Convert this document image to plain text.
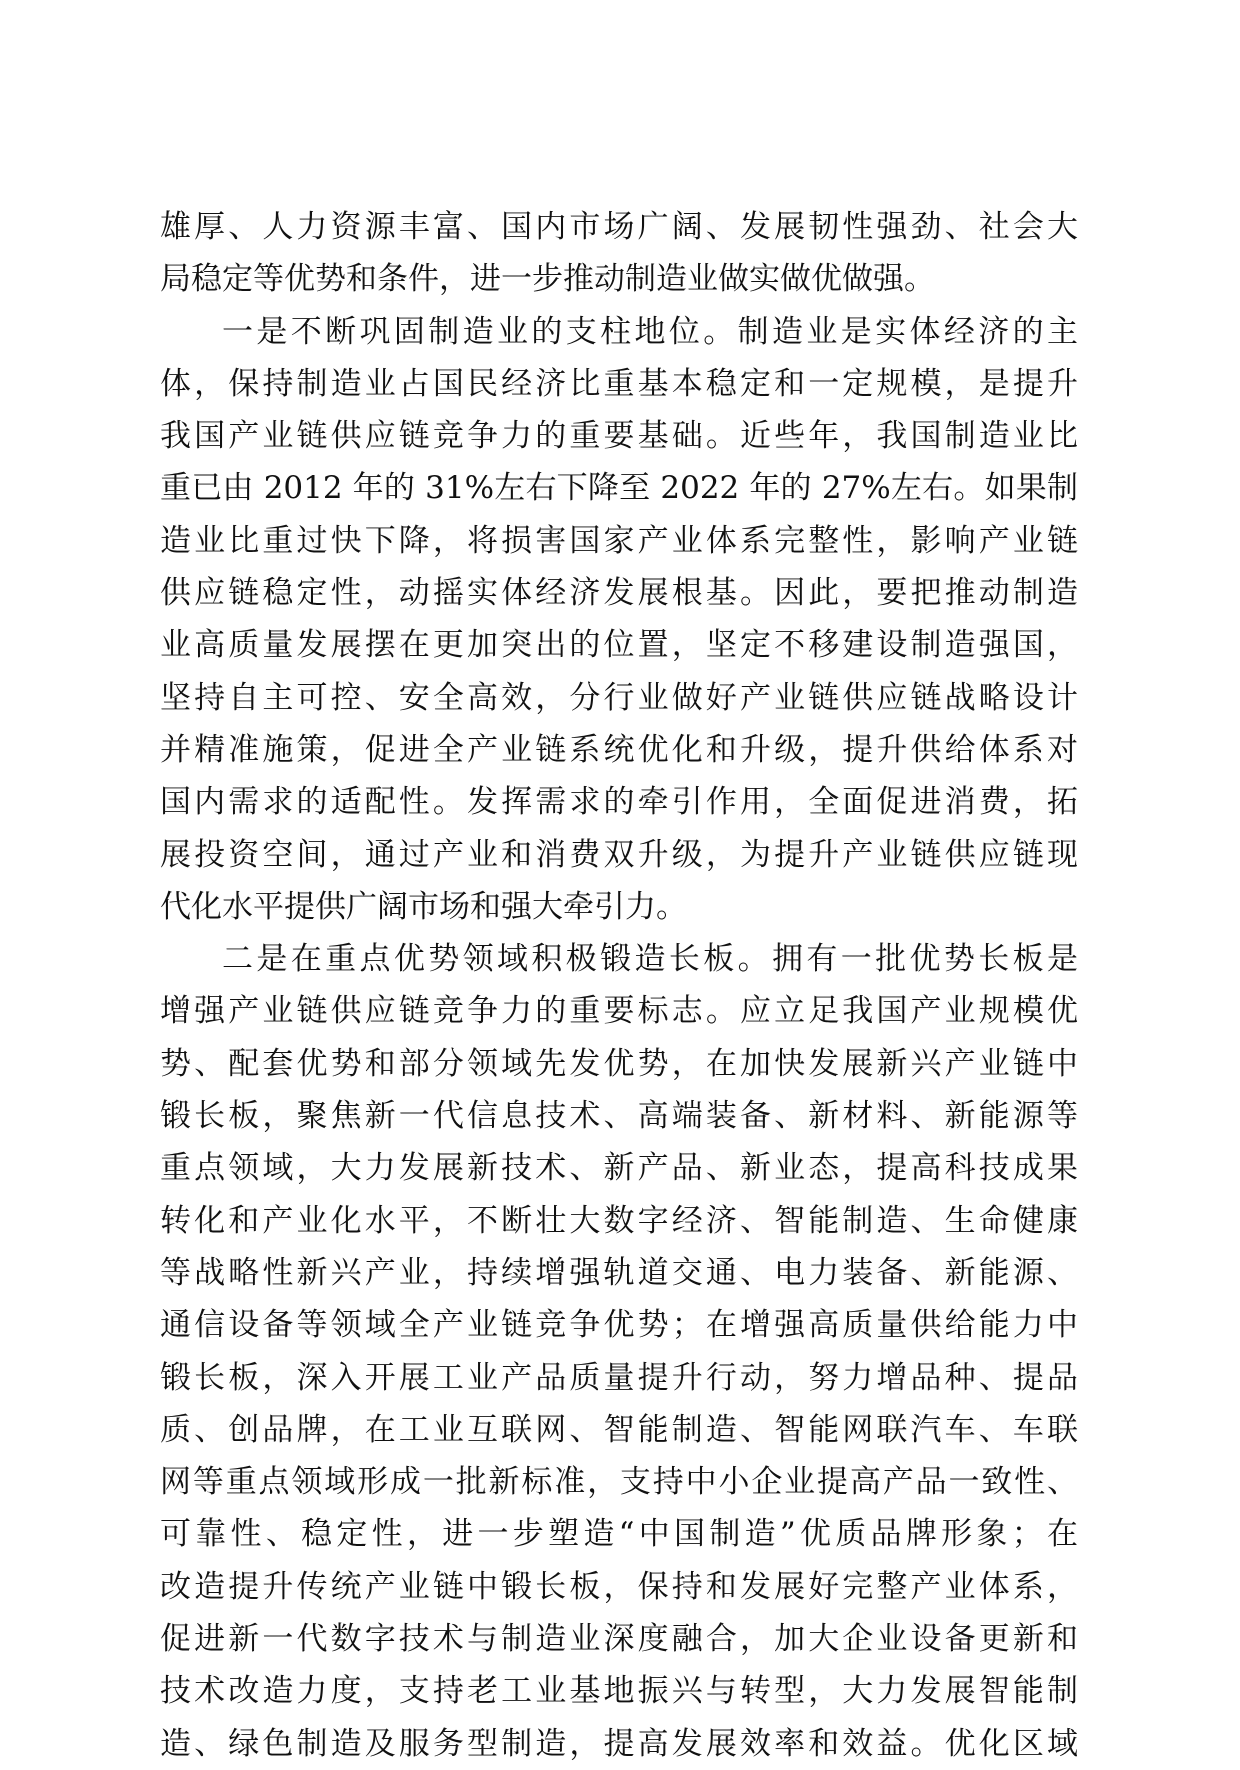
雄厚、人力资源丰富、国内市场广阔、发展韧性强劲、社会大
局稳定等优势和条件，进一步推动制造业做实做优做强。
一是不断巩固制造业的支柱地位。制造业是实体经济的主
体，保持制造业占国民经济比重基本稳定和一定规模，是提升
我国产业链供应链竞争力的重要基础。近些年，我国制造业比
重已由 2012 年的 31%左右下降至 2022 年的 27%左右。如果制
造业比重过快下降，将损害国家产业体系完整性，影响产业链
供应链稳定性，动摇实体经济发展根基。因此，要把推动制造
业高质量发展摆在更加突出的位置，坚定不移建设制造强国，
坚持自主可控、安全高效，分行业做好产业链供应链战略设计
并精准施策，促进全产业链系统优化和升级，提升供给体系对
国内需求的适配性。发挥需求的牵引作用，全面促进消费，拓
展投资空间，通过产业和消费双升级，为提升产业链供应链现
代化水平提供广阔市场和强大牵引力。
二是在重点优势领域积极锻造长板。拥有一批优势长板是
增强产业链供应链竞争力的重要标志。应立足我国产业规模优
势、配套优势和部分领域先发优势，在加快发展新兴产业链中
锻长板，聚焦新一代信息技术、高端装备、新材料、新能源等
重点领域，大力发展新技术、新产品、新业态，提高科技成果
转化和产业化水平，不断壮大数字经济、智能制造、生命健康
等战略性新兴产业，持续增强轨道交通、电力装备、新能源、
通信设备等领域全产业链竞争优势；在增强高质量供给能力中
锻长板，深入开展工业产品质量提升行动，努力增品种、提品
质、创品牌，在工业互联网、智能制造、智能网联汽车、车联
网等重点领域形成一批新标准，支持中小企业提高产品一致性、
可靠性、稳定性，进一步塑造“中国制造”优质品牌形象；在
改造提升传统产业链中锻长板，保持和发展好完整产业体系，
促进新一代数字技术与制造业深度融合，加大企业设备更新和
技术改造力度，支持老工业基地振兴与转型，大力发展智能制
造、绿色制造及服务型制造，提高发展效率和效益。优化区域
